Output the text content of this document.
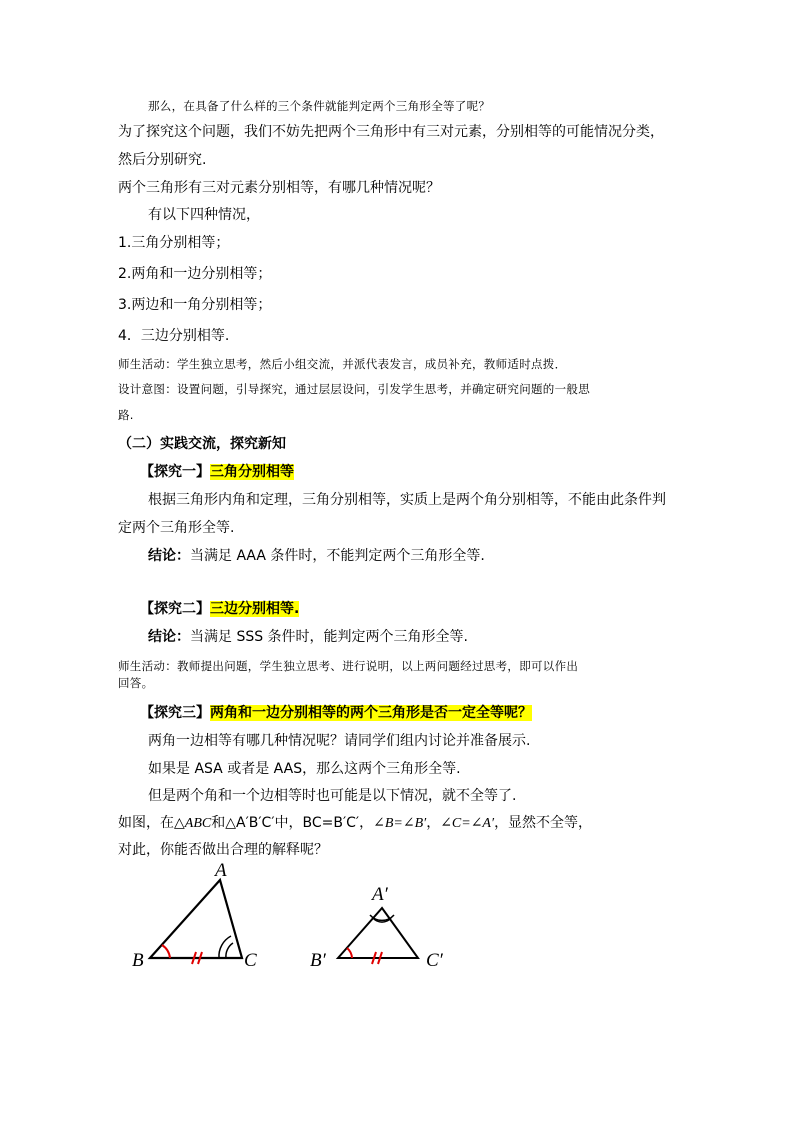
那么，在具备了什么样的三个条件就能判定两个三角形全等了呢？
为了探究这个问题，我们不妨先把两个三角形中有三对元素，分别相等的可能情况分类，
然后分别研究.
两个三角形有三对元素分别相等，有哪几种情况呢？
有以下四种情况，
1.三角分别相等；
2.两角和一边分别相等；
3.两边和一角分别相等；
4．三边分别相等.
师生活动：学生独立思考，然后小组交流，并派代表发言，成员补充，教师适时点拨．
设计意图：设置问题，引导探究，通过层层设问，引发学生思考，并确定研究问题的一般思
路.
（二）实践交流，探究新知
【探究一】三角分别相等
根据三角形内角和定理，三角分别相等，实质上是两个角分别相等，不能由此条件判
定两个三角形全等.
结论：当满足 AAA 条件时，不能判定两个三角形全等.
【探究二】三边分别相等.
结论：当满足 SSS 条件时，能判定两个三角形全等.
师生活动：教师提出问题，学生独立思考、进行说明，以上两问题经过思考，即可以作出
回答。
【探究三】两角和一边分别相等的两个三角形是否一定全等呢？
两角一边相等有哪几种情况呢？请同学们组内讨论并准备展示.
如果是 ASA 或者是 AAS，那么这两个三角形全等.
但是两个角和一个边相等时也可能是以下情况，就不全等了.
如图，在△ABC和△A′B′C′中，BC=B′C′，∠B=∠B′，∠C=∠A′，显然不全等，
对此，你能否做出合理的解释呢？
A
B	C
A′
B′	C′
